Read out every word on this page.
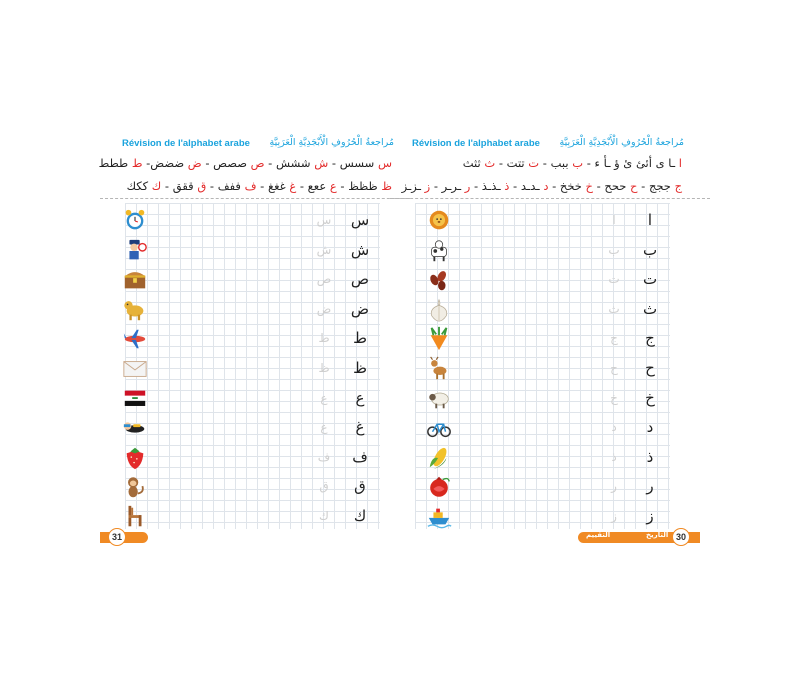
Révision de l'alphabet arabe مُراجعةُ الْحُرُوفِ الْأَبْجَدِيَّةِ الْعَرَبِيَّةِ
س سسس - ش ششش - ص صصص - ض ضضض- ط ططط
ظ ظظظ - ع ععع - غ غغغ - ف ففف - ق ققق - ك ككك
س	س
ش	ش
ص	ص
ض	ض
ط	ط
ظ	ظ
ع	ع
غ	غ
ف	ف
ق	ق
ك	ك
31
Révision de l'alphabet arabe مُراجعةُ الْحُرُوفِ الْأَبْجَدِيَّةِ الْعَرَبِيَّةِ
ا ـا ى أئئ ئ ؤ ـأ ء - ب ببب - ت تتت - ث ثثث
ج ججج - ح ححح - خ خخخ - د ـدـد - ذ ـذـذ - ر ـرـر - ز ـزـز
ا	ا
ب	ب
ت	ت
ث	ث
ج	ج
ح	ح
خ	خ
د	د
ذ	ذ
ر	ر
ز	ز
التاريخ
التقييم	30
